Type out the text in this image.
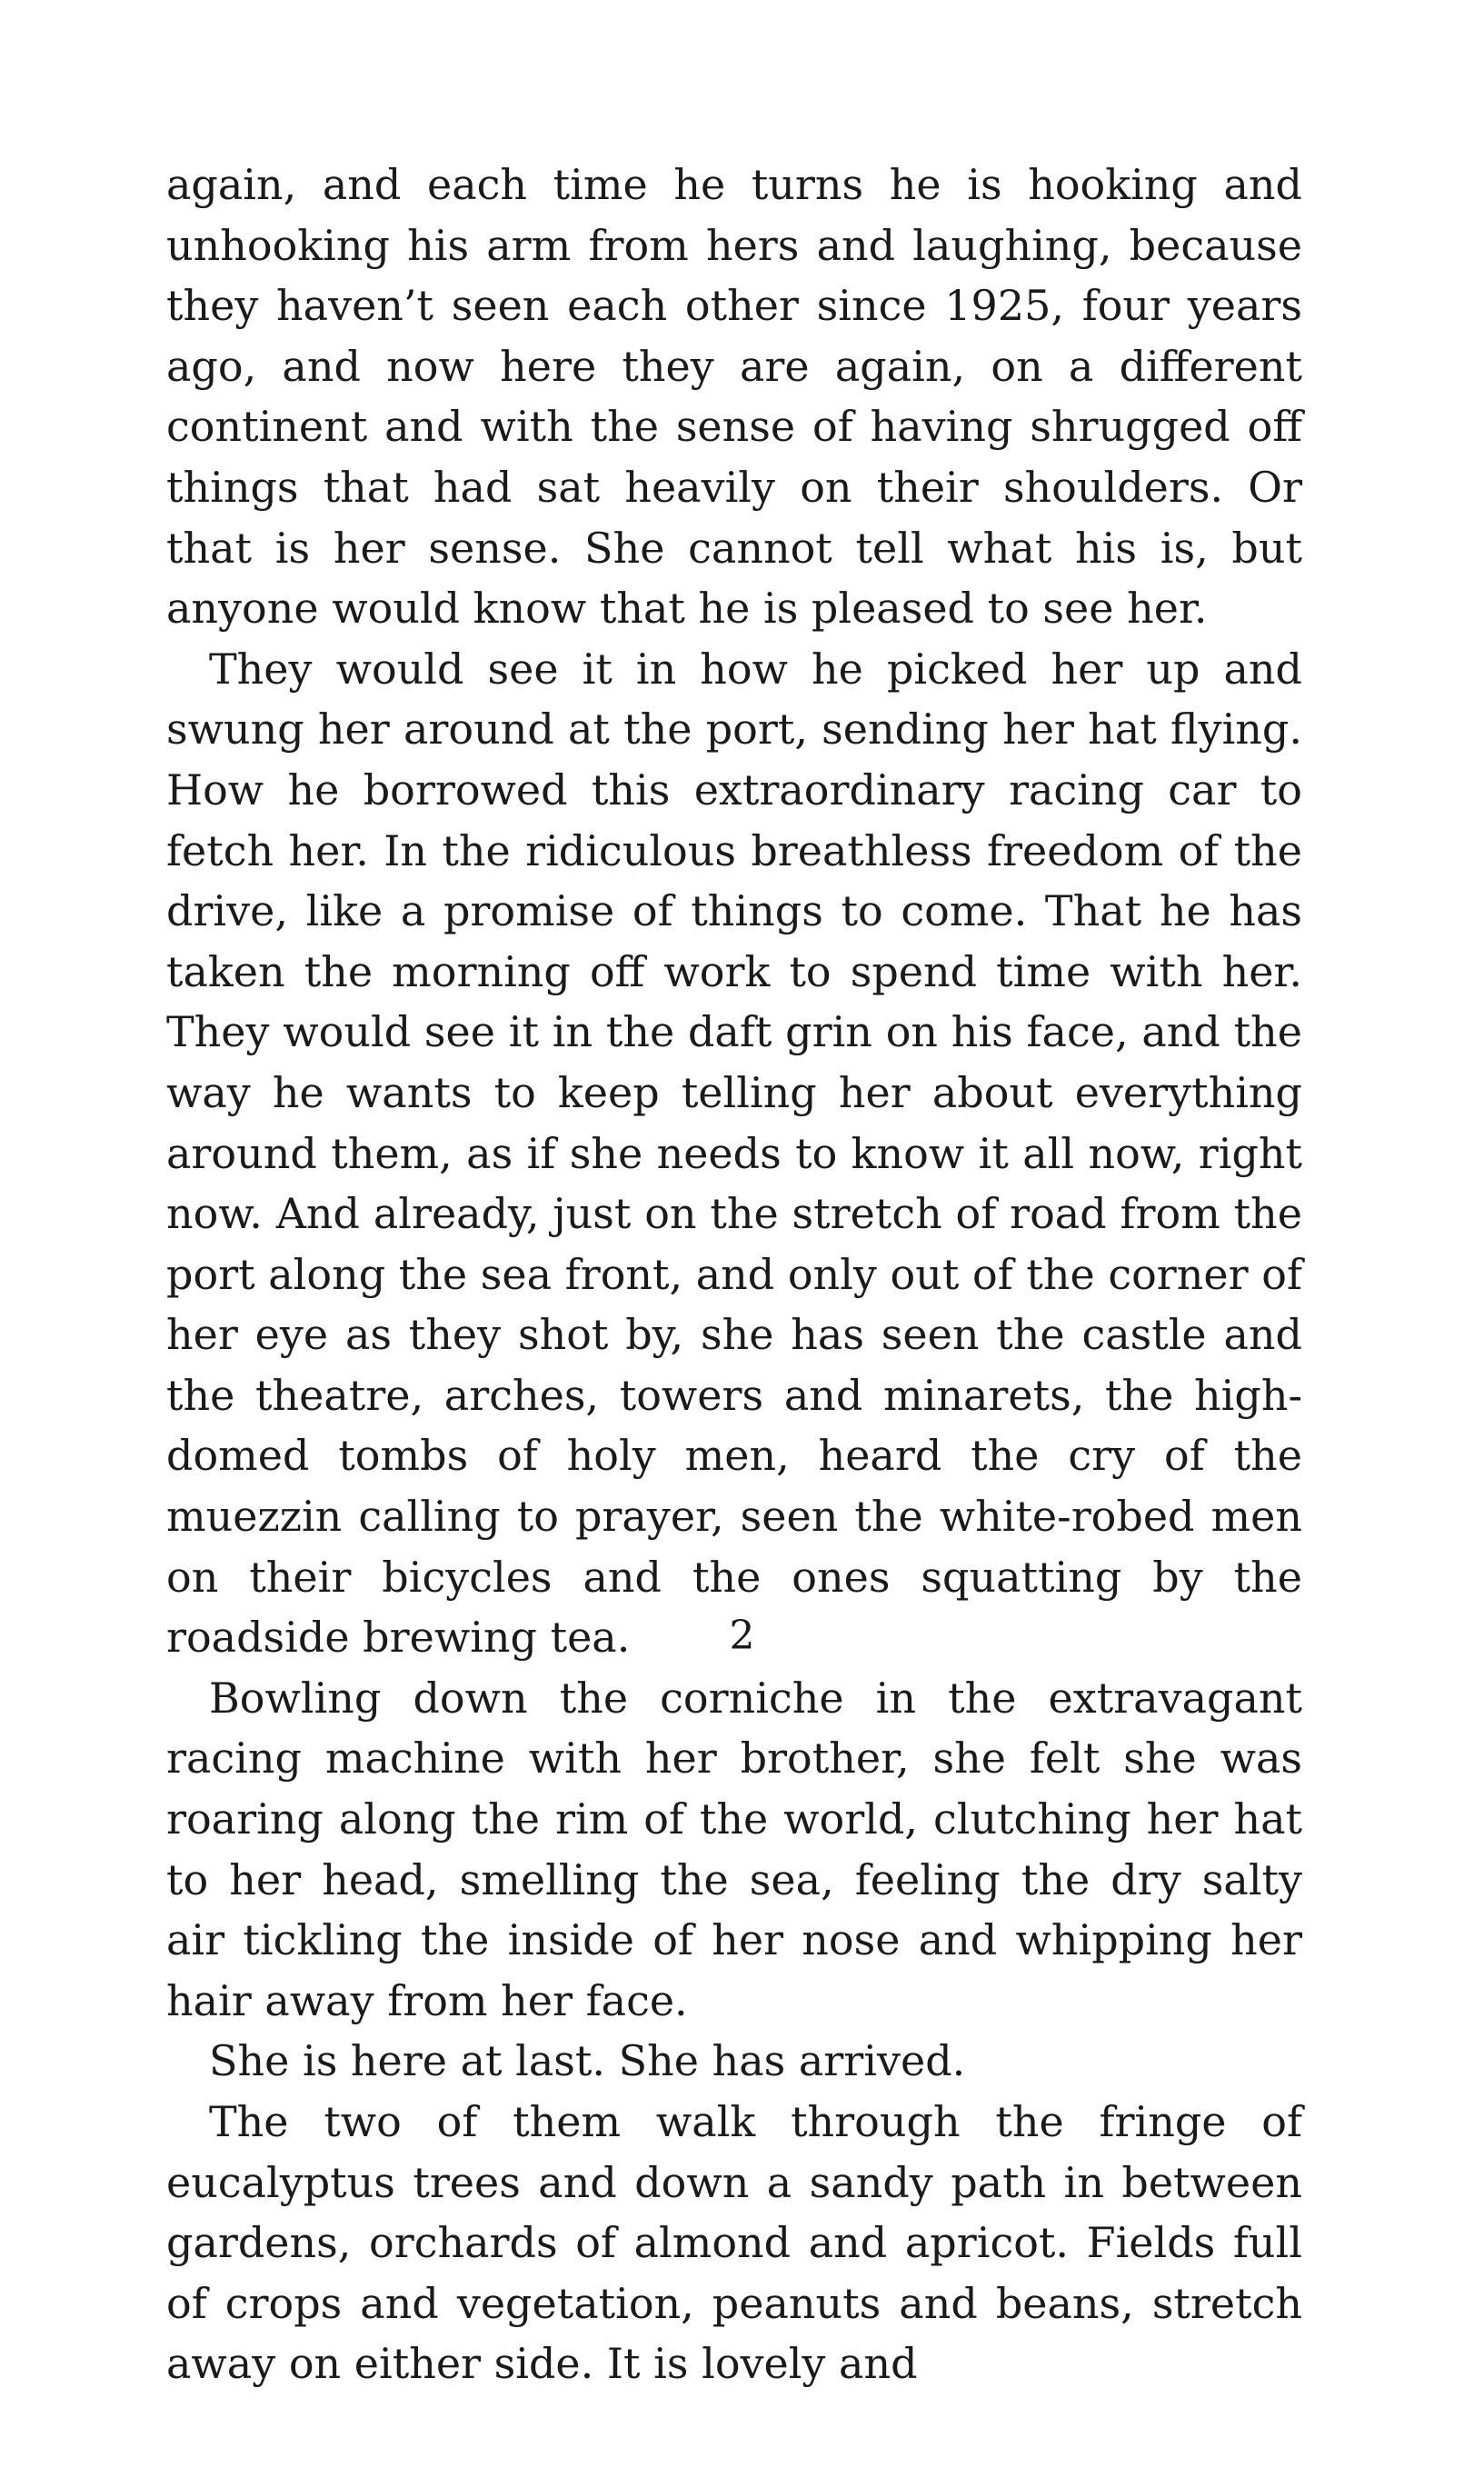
again, and each time he turns he is hooking and unhooking his arm from hers and laughing, because they haven’t seen each other since 1925, four years ago, and now here they are again, on a different continent and with the sense of having shrugged off things that had sat heavily on their shoulders. Or that is her sense. She cannot tell what his is, but anyone would know that he is pleased to see her.

They would see it in how he picked her up and swung her around at the port, sending her hat flying. How he borrowed this extraordinary racing car to fetch her. In the ridiculous breathless freedom of the drive, like a promise of things to come. That he has taken the morning off work to spend time with her. They would see it in the daft grin on his face, and the way he wants to keep telling her about everything around them, as if she needs to know it all now, right now. And already, just on the stretch of road from the port along the sea front, and only out of the corner of her eye as they shot by, she has seen the castle and the theatre, arches, towers and minarets, the high-domed tombs of holy men, heard the cry of the muezzin calling to prayer, seen the white-robed men on their bicycles and the ones squatting by the roadside brewing tea.

Bowling down the corniche in the extravagant racing machine with her brother, she felt she was roaring along the rim of the world, clutching her hat to her head, smelling the sea, feeling the dry salty air tickling the inside of her nose and whipping her hair away from her face.

She is here at last. She has arrived.

The two of them walk through the fringe of eucalyptus trees and down a sandy path in between gardens, orchards of almond and apricot. Fields full of crops and vegetation, peanuts and beans, stretch away on either side. It is lovely and

2
